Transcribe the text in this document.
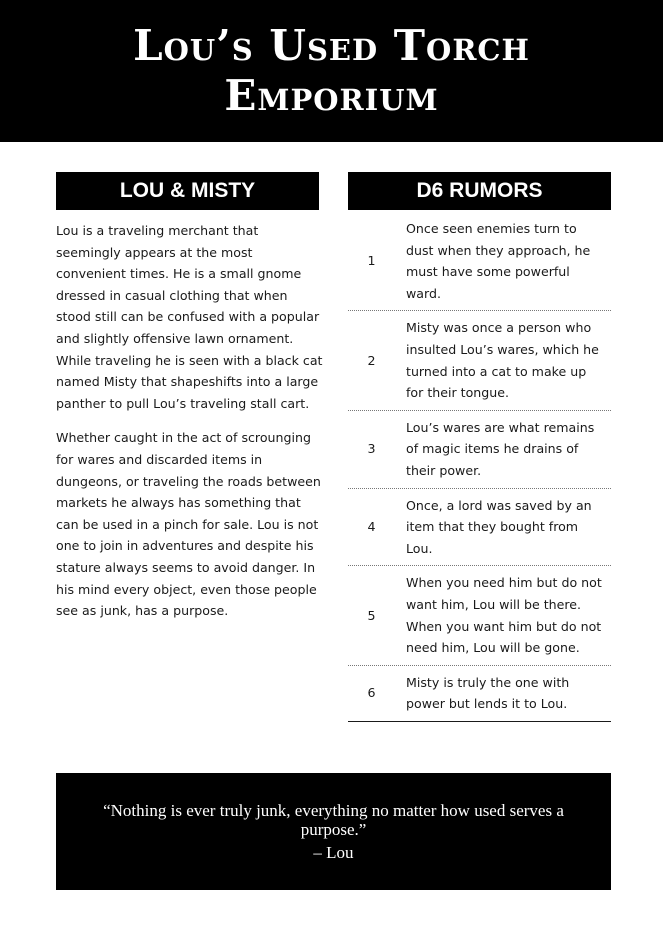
Lou’s Used Torch
Emporium
LOU & MISTY	D6 RUMORS

Lou is a traveling merchant that seemingly appears at the most convenient times. He is a small gnome dressed in casual clothing that when stood still can be confused with a popular and slightly offensive lawn ornament. While traveling he is seen with a black cat named Misty that shapeshifts into a large panther to pull Lou’s traveling stall cart.

Whether caught in the act of scrounging for wares and discarded items in dungeons, or traveling the roads between markets he always has something that can be used in a pinch for sale. Lou is not one to join in adventures and despite his stature always seems to avoid danger. In his mind every object, even those people see as junk, has a purpose.

1
Once seen enemies turn to dust when they approach, he must have some powerful ward.
2
Misty was once a person who insulted Lou’s wares, which he turned into a cat to make up for their tongue.
3
Lou’s wares are what remains of magic items he drains of their power.
4
Once, a lord was saved by an item that they bought from Lou.
5
When you need him but do not want him, Lou will be there. When you want him but do not need him, Lou will be gone.
6
Misty is truly the one with power but lends it to Lou.
“Nothing is ever truly junk, everything no matter how used serves a purpose.”
– Lou
